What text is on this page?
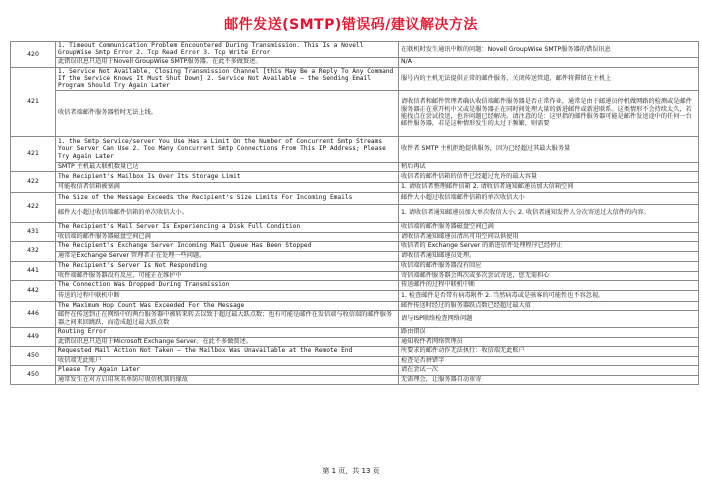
邮件发送(SMTP)错误码/建议解决方法
420	1. Timeout Communication Problem Encountered During Transmission. This Is a Novell GroupWise Smtp Error 2. Tcp Read Error 3. Tcp Write Error	在联机时发生通讯中断的问题：Novell GroupWise SMTP服务器的错误讯息
	此错误讯息只适用于Novell GroupWise SMTP服务器。在此不多做赘述。	N/A
421	1. Service Not Available, Closing Transmission Channel [this May Be a Reply To Any Command If the Service Knows It Must Shut Down] 2. Service Not Available – the Sending Email Program Should Try Again Later	服号内的主机无法提供正常的邮件服务，关闭传送管道，邮件将滞留在主机上
	收信者端邮件服务器暂时无法上线。	请收信者和邮件管理者确认收信端邮件服务器是否正常作业，通常是由于邮递员停机做网路的检测或是邮件服务器正在重开机中又或是服务器正在同时间处理大量的新进邮件或新进联系。这类情形不会持续太久，若能找点在尝试投送，也许问题已经解决。请注意的是：这里指的邮件服务器可能是邮件发送途中的任何一台邮件服务器，若是这种情形发生的太过于频繁，则需要
421	1. the Smtp Service/server You Use Has a Limit On the Number of Concurrent Smtp Streams Your Server Can Use 2. Too Many Concurrent Smtp Connections From This IP Address; Please Try Again Later	收件者 SMTP 主机拒绝提供服务，因为已经超过其最大服务量
	SMTP 主机最大联机数量已达	稍后再试
422	The Recipient's Mailbox Is Over Its Storage Limit	收信者的邮件信箱的信件已经超过允许的最大容量
	可能收信者信箱被塞满	1. 请收信者整理邮件信箱 2. 请收信者通知邮递员加大信箱空间
422	The Size of the Message Exceeds the Recipient's Size Limits For Incoming Emails	邮件大小超过收信端邮件信箱的单次收信大小
	邮件大小超过收信端邮件信箱的单次收信大小。	1. 请收信者通知邮递员加大单次收信大小; 2. 收信者通知发件人分次寄送过大信件的内容。
431	The Recipient's Mail Server Is Experiencing a Disk Full Condition	收信端的邮件服务器磁盘空间已满
	收信端的邮件服务器磁盘空间已满	请收信者通知邮递员清出可用空间以供使用
432	The Recipient's Exchange Server Incoming Mail Queue Has Been Stopped	收信者的 Exchange Server 的新进信件处理程序已经停止
	通常是Exchange Server 管理者正在处理一些问题。	请收信者通知邮递员处理。
441	The Recipient's Server Is Not Responding	收信端的邮件服务器没有回应
	收件端邮件服务器没有反应，可能正在维护中	寄信端邮件服务器会再次或多次尝试寄送，您无需担心
442	The Connection Was Dropped During Transmission	传送邮件的过程中联机中断
	传送的过程中联机中断	1. 检查邮件是否带有病毒附件 2. 当然病毒或是骇客的可能性也不容忽视。
446	The Maximum Hop Count Was Exceeded For the Message	邮件传送时经过的服务器跃点数已经超过最大值
	邮件在传送到正在网络中的两台服务器中被转来转去以致于超过最大跃点数；也有可能是邮件在发信端与收信端的邮件服务器之间来回跳跃，而造成超过最大跃点数	请与ISP联络检查网络问题
449	Routing Error	路由错误
	此错误讯息只适用于Microsoft Exchange Server。在此不多做赘述。	通知收件者网络管理员
450	Requested Mail Action Not Taken – the Mailbox Was Unavailable at the Remote End	所要求的邮件动作无法执行：收信端无此账户
	收信端无此账户	检查是否拼错字
450	Please Try Again Later	请在尝试一次
	通常发生在对方启用灰名单防垃圾信机制的缘故	无需理会，让服务器自动重寄
第 1 页，共 13 页
